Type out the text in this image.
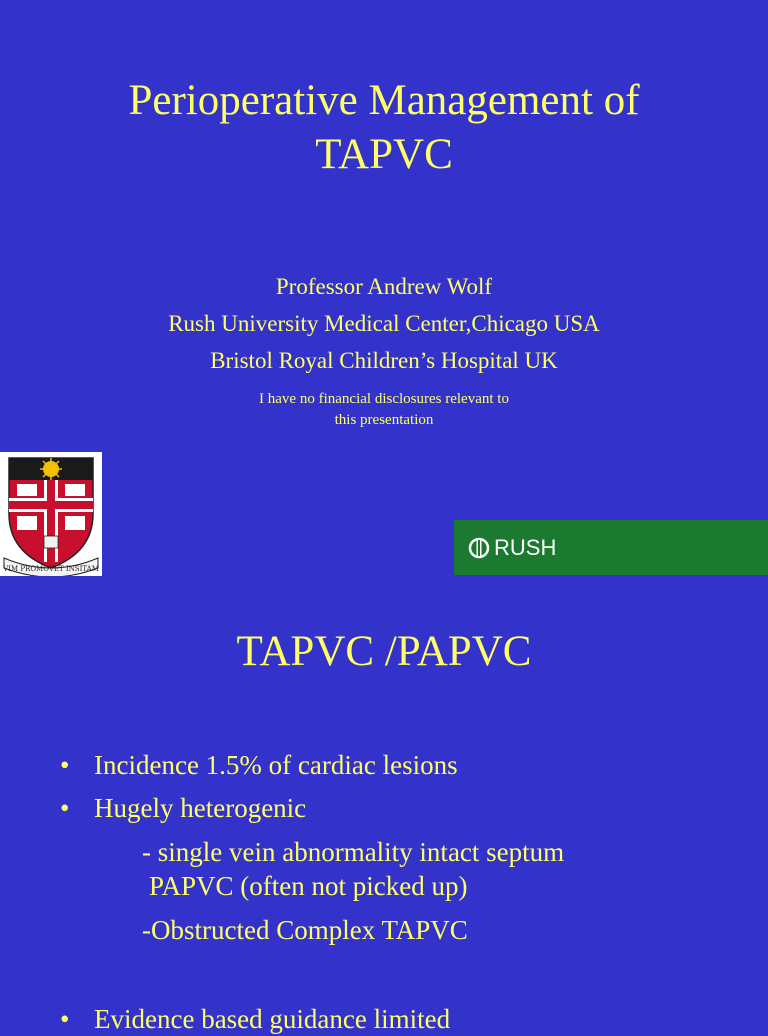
Perioperative Management of
TAPVC
Professor Andrew Wolf
Rush University Medical Center,Chicago USA
Bristol Royal Children’s Hospital UK
I have no financial disclosures relevant to
this presentation
VIM PROMOVET INSITAM
RUSH
TAPVC /PAPVC
• Incidence 1.5% of cardiac lesions
• Hugely heterogenic
- single vein abnormality intact septum
PAPVC (often not picked up)
-Obstructed Complex TAPVC
• Evidence based guidance limited
